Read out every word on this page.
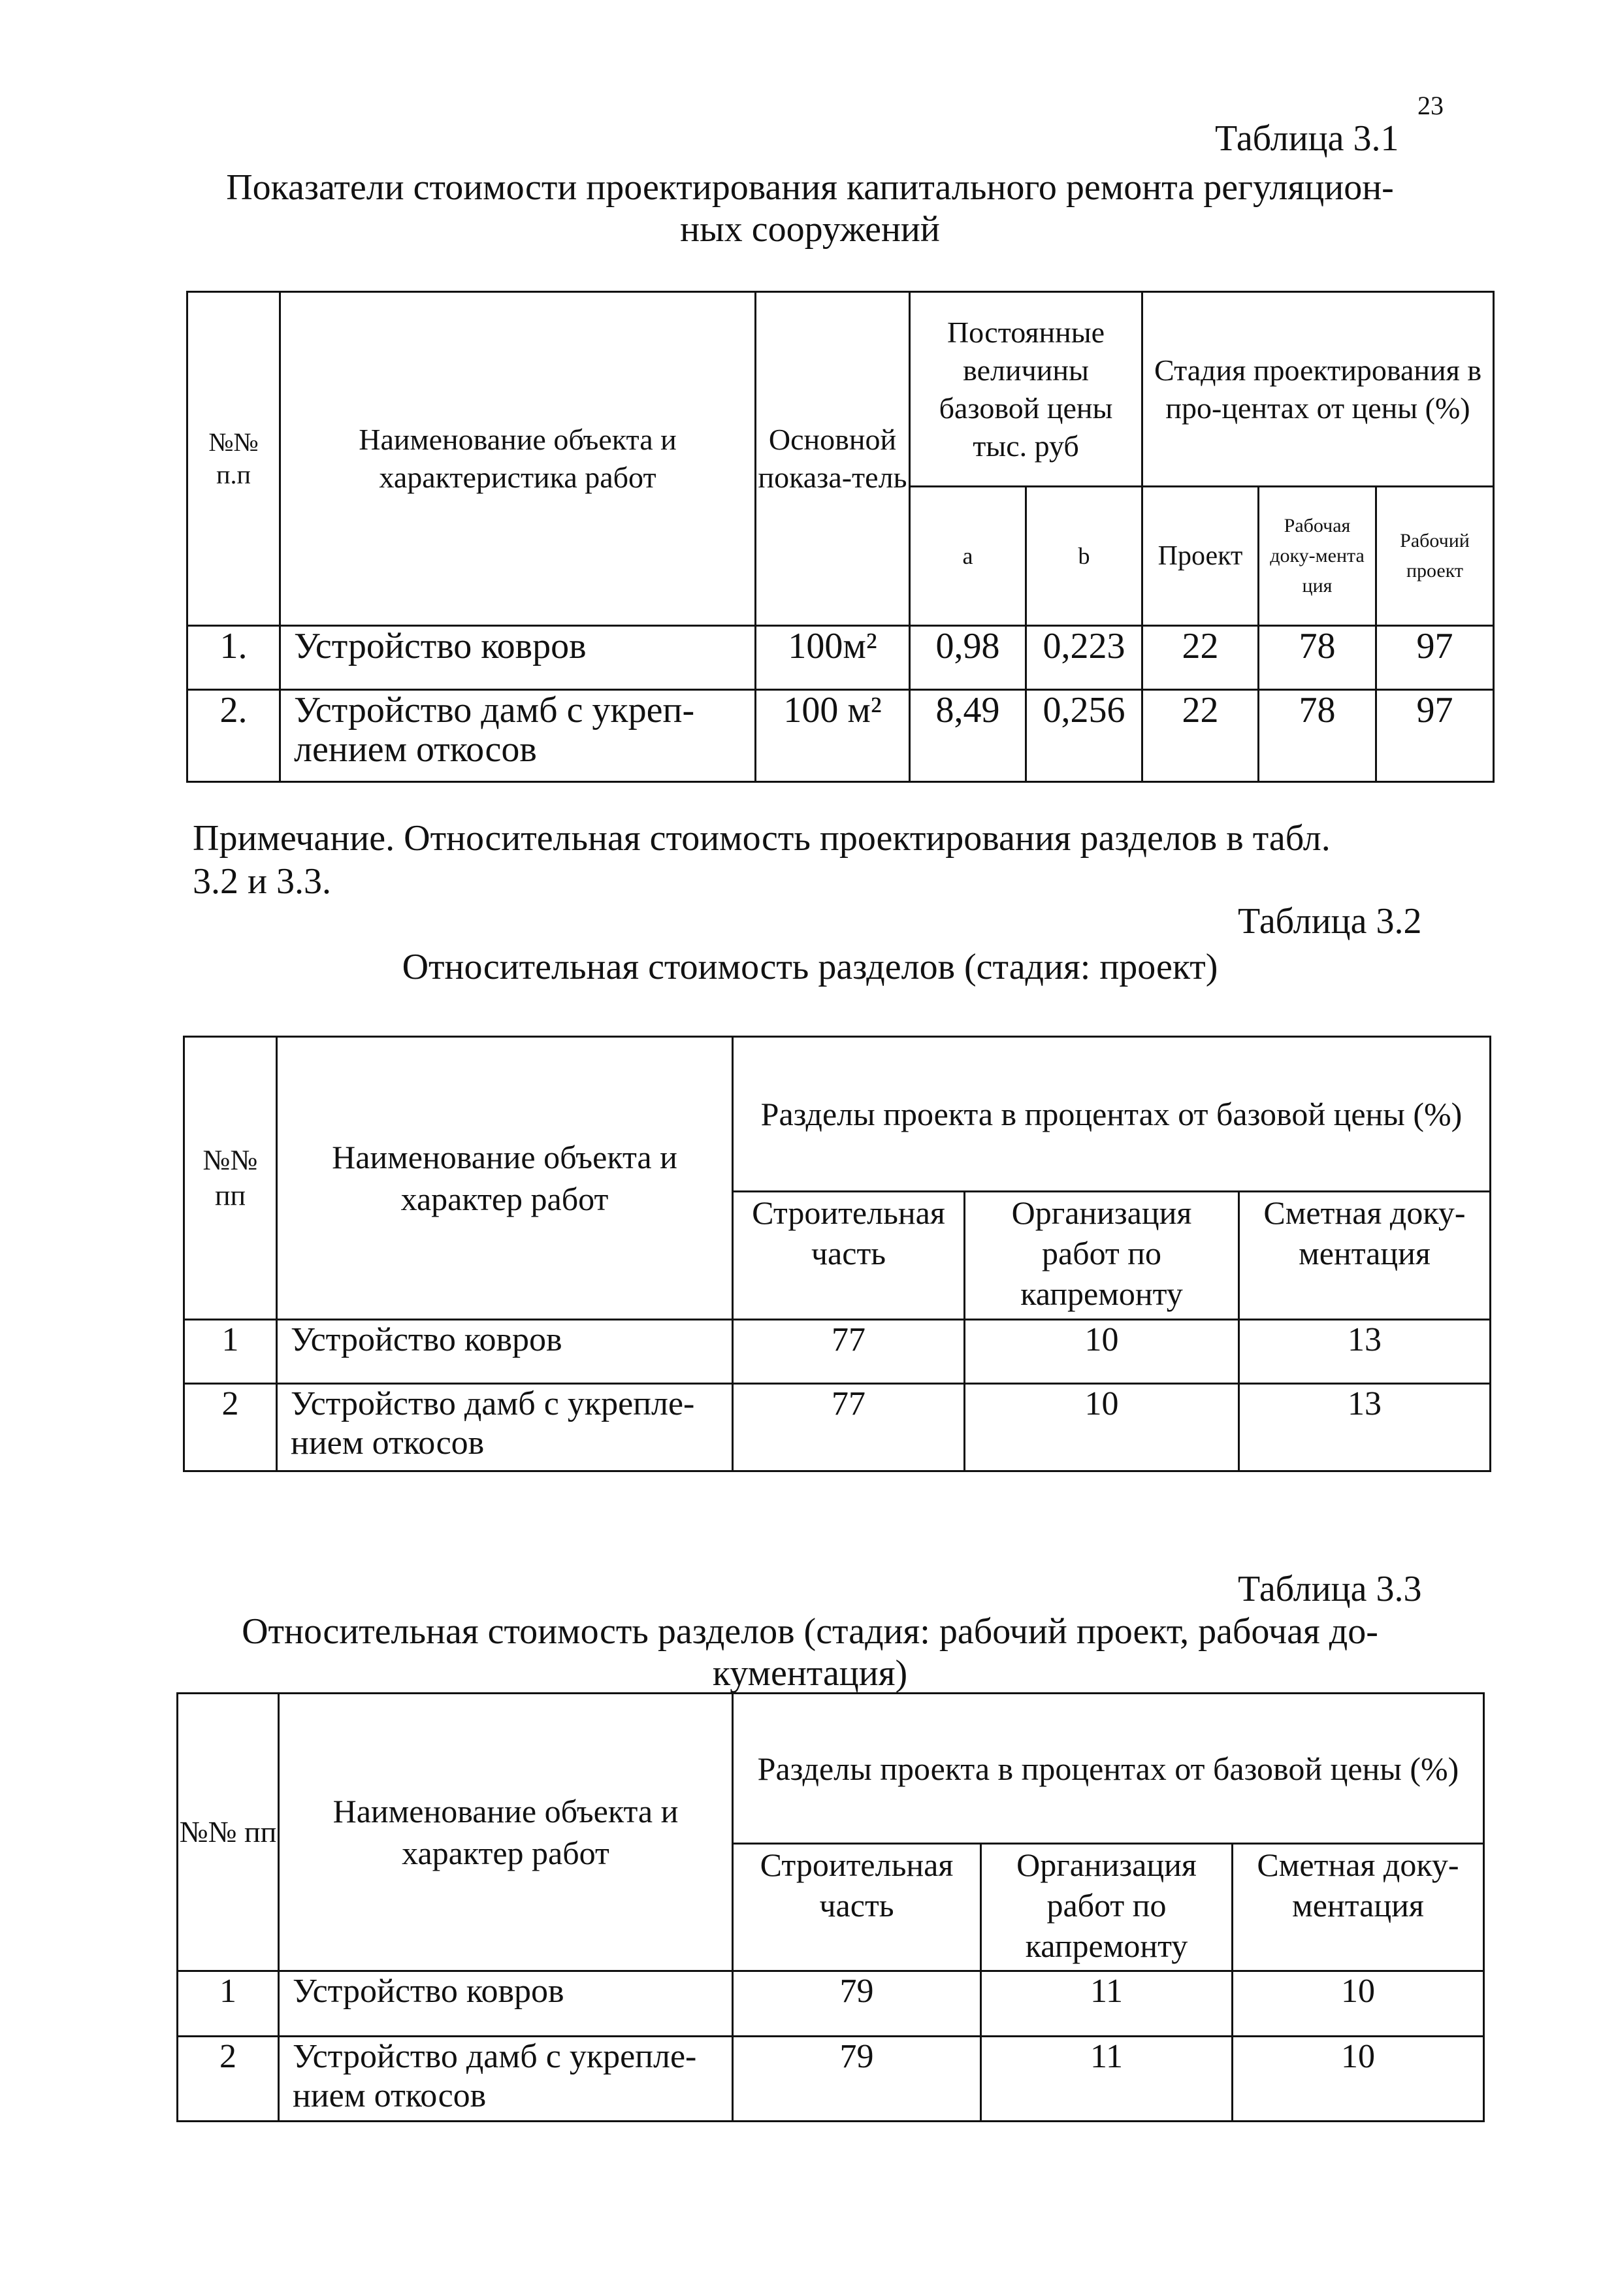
23
Таблица 3.1
Показатели стоимости проектирования капитального ремонта регуляцион-
ных сооружений
№№ п.п	Наименование объекта и характеристика работ	Основной показа-тель	Постоянные величины базовой цены тыс. руб		Стадия проектирования в про-центах от цены (%)		
			a	b	Проект	Рабочая доку-мента ция	Рабочий проект
1.	Устройство ковров	100м²	0,98	0,223	22	78	97
2.	Устройство дамб с укреп-лением откосов	100 м²	8,49	0,256	22	78	97
Примечание. Относительная стоимость проектирования разделов в табл.
3.2 и 3.3.
Таблица 3.2
Относительная стоимость разделов (стадия: проект)
№№ пп	Наименование объекта и характер работ	Разделы проекта в процентах от базовой цены (%)		
		Строительная часть	Организация работ по капремонту	Сметная доку-ментация
1	Устройство ковров	77	10	13
2	Устройство дамб с укрепле-нием откосов	77	10	13
Таблица 3.3
Относительная стоимость разделов (стадия: рабочий проект, рабочая до-
кументация)
№№ пп	Наименование объекта и характер работ	Разделы проекта в процентах от базовой цены (%)		
		Строительная часть	Организация работ по капремонту	Сметная доку-ментация
1	Устройство ковров	79	11	10
2	Устройство дамб с укрепле-нием откосов	79	11	10
